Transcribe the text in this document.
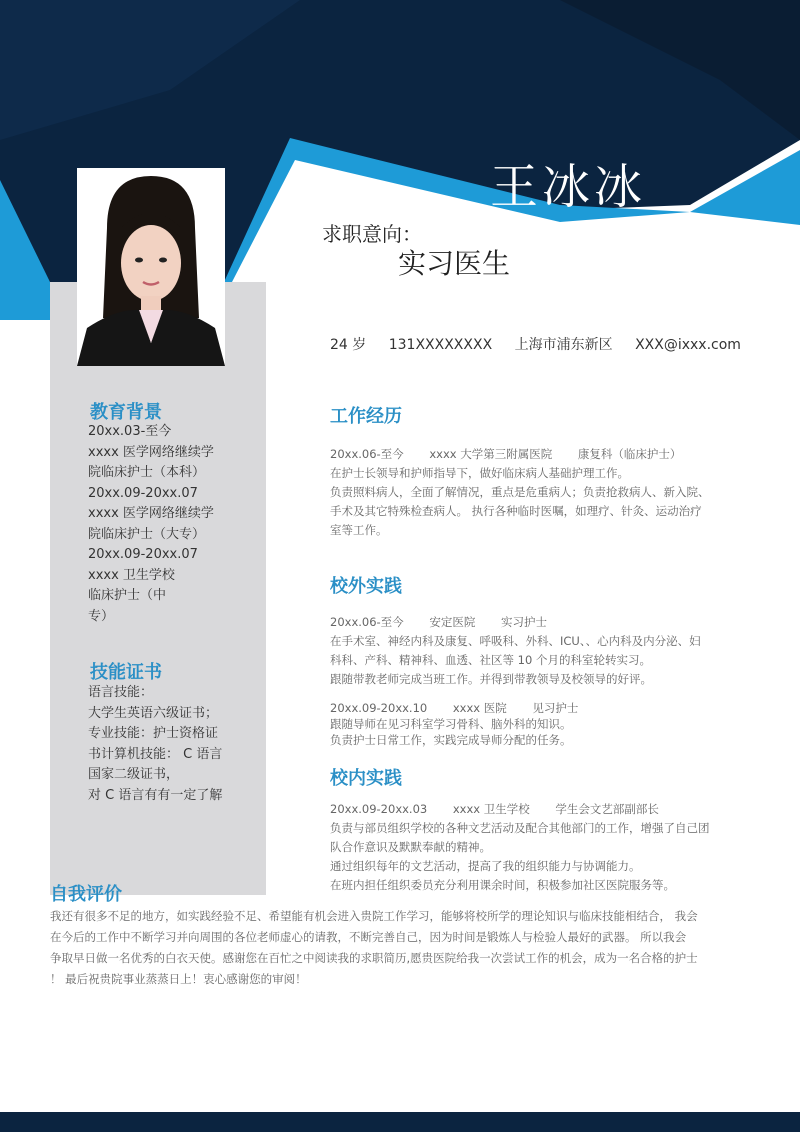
王冰冰
求职意向：
实习医生
24 岁 131XXXXXXXX 上海市浦东新区 XXX@ixxx.com
教育背景
20xx.03-至今
xxxx 医学网络继续学
院临床护士（本科）
20xx.09-20xx.07
xxxx 医学网络继续学
院临床护士（大专）
20xx.09-20xx.07
xxxx 卫生学校
临床护士（中
专）
技能证书
语言技能：
大学生英语六级证书；
专业技能：护士资格证
书计算机技能： C 语言
国家二级证书，
对 C 语言有有一定了解
工作经历
20xx.06-至今 xxxx 大学第三附属医院 康复科（临床护士）
在护士长领导和护师指导下，做好临床病人基础护理工作。
负责照料病人，全面了解情况，重点是危重病人；负责抢救病人、新入院、
手术及其它特殊检查病人。 执行各种临时医嘱，如理疗、针灸、运动治疗
室等工作。
校外实践
20xx.06-至今 安定医院 实习护士
在手术室、神经内科及康复、呼吸科、外科、ICU、、心内科及内分泌、妇
科科、产科、精神科、血透、社区等 10 个月的科室轮转实习。
跟随带教老师完成当班工作。并得到带教领导及校领导的好评。
20xx.09-20xx.10 xxxx 医院 见习护士
跟随导师在见习科室学习骨科、脑外科的知识。
负责护士日常工作，实践完成导师分配的任务。
校内实践
20xx.09-20xx.03 xxxx 卫生学校 学生会文艺部副部长
负责与部员组织学校的各种文艺活动及配合其他部门的工作，增强了自己团
队合作意识及默默奉献的精神。
通过组织每年的文艺活动，提高了我的组织能力与协调能力。
在班内担任组织委员充分利用课余时间，积极参加社区医院服务等。
自我评价
我还有很多不足的地方，如实践经验不足、希望能有机会进入贵院工作学习，能够将校所学的理论知识与临床技能相结合， 我会
在今后的工作中不断学习并向周围的各位老师虚心的请教，不断完善自己，因为时间是锻炼人与检验人最好的武器。 所以我会
争取早日做一名优秀的白衣天使。感谢您在百忙之中阅读我的求职简历,愿贵医院给我一次尝试工作的机会，成为一名合格的护士
！ 最后祝贵院事业蒸蒸日上！衷心感谢您的审阅！
